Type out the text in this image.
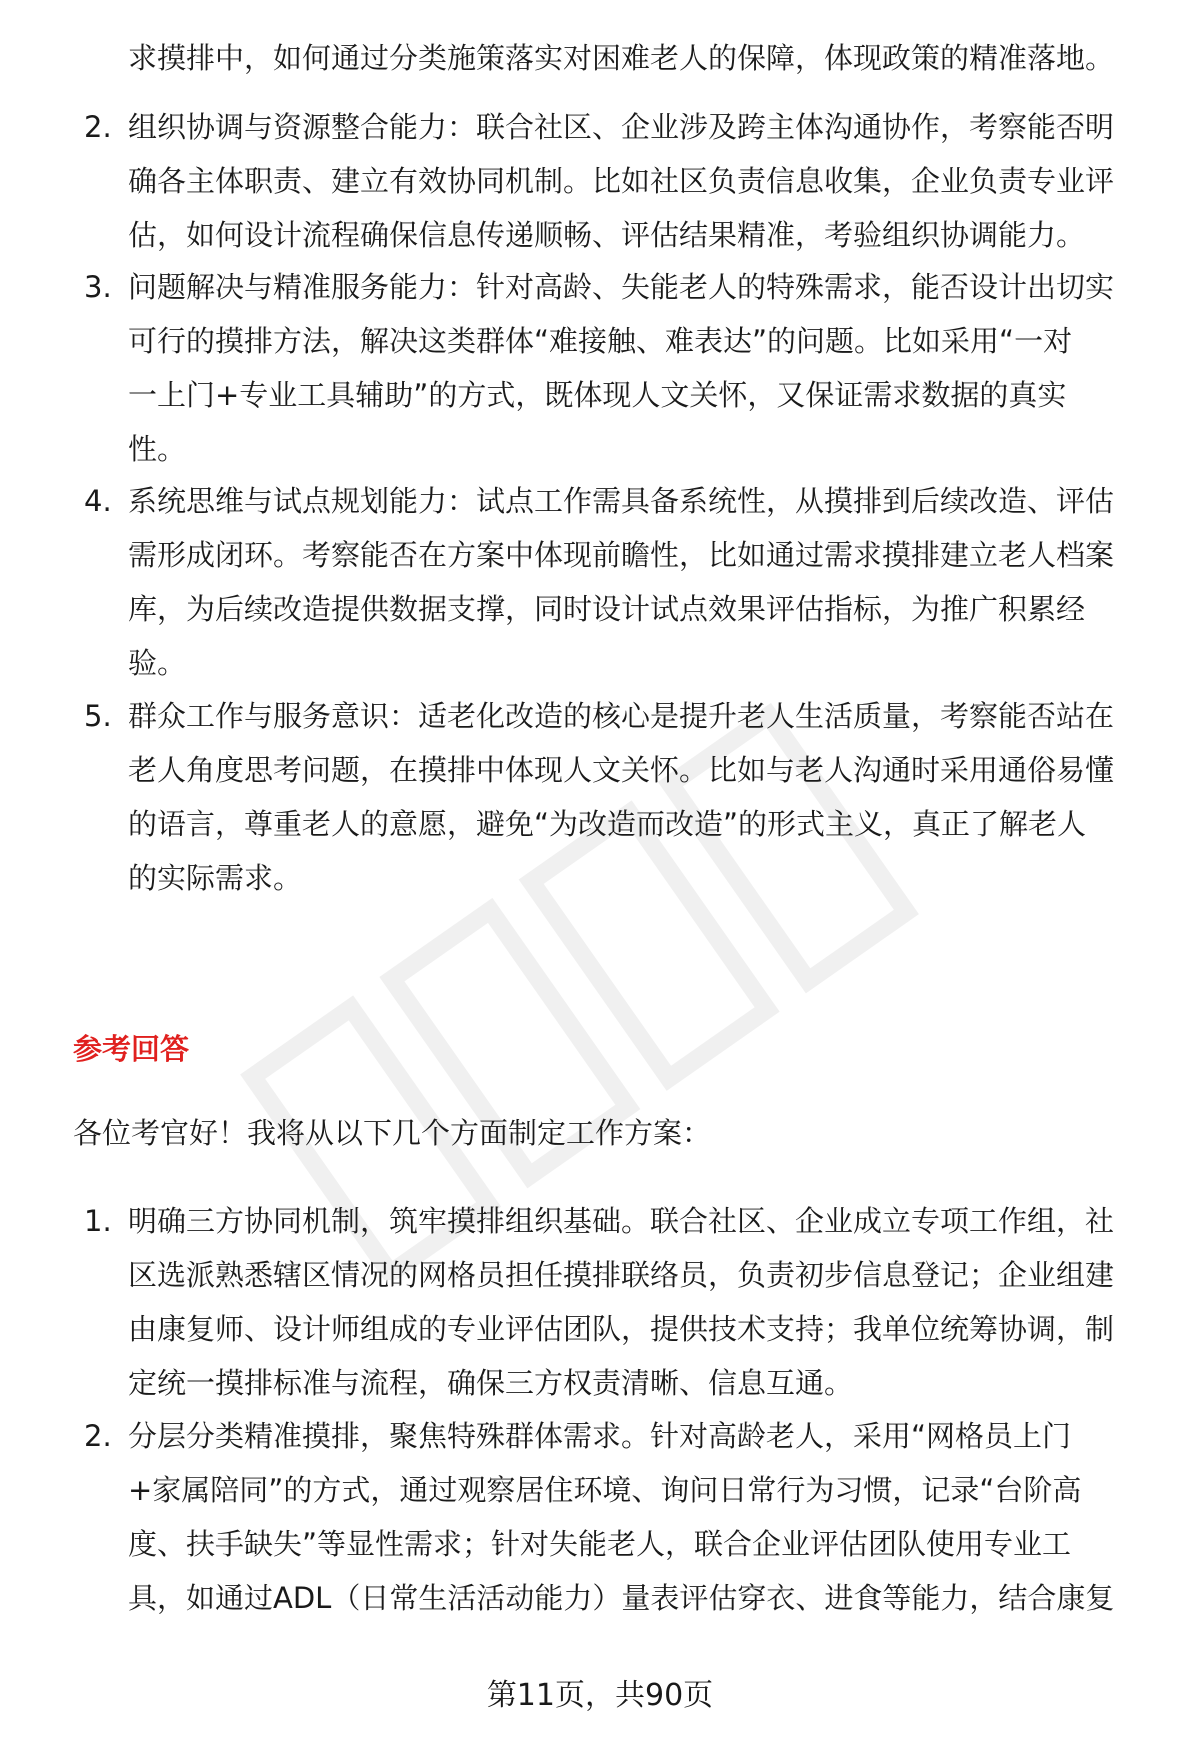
求摸排中，如何通过分类施策落实对困难老人的保障，体现政策的精准落地。
2. 组织协调与资源整合能力：联合社区、企业涉及跨主体沟通协作，考察能否明
确各主体职责、建立有效协同机制。比如社区负责信息收集，企业负责专业评
估，如何设计流程确保信息传递顺畅、评估结果精准，考验组织协调能力。
3. 问题解决与精准服务能力：针对高龄、失能老人的特殊需求，能否设计出切实
可行的摸排方法，解决这类群体“难接触、难表达”的问题。比如采用“一对
一上门+专业工具辅助”的方式，既体现人文关怀，又保证需求数据的真实
性。
4. 系统思维与试点规划能力：试点工作需具备系统性，从摸排到后续改造、评估
需形成闭环。考察能否在方案中体现前瞻性，比如通过需求摸排建立老人档案
库，为后续改造提供数据支撑，同时设计试点效果评估指标，为推广积累经
验。
5. 群众工作与服务意识：适老化改造的核心是提升老人生活质量，考察能否站在
老人角度思考问题，在摸排中体现人文关怀。比如与老人沟通时采用通俗易懂
的语言，尊重老人的意愿，避免“为改造而改造”的形式主义，真正了解老人
的实际需求。
参考回答
各位考官好！我将从以下几个方面制定工作方案：
1. 明确三方协同机制，筑牢摸排组织基础。联合社区、企业成立专项工作组，社
区选派熟悉辖区情况的网格员担任摸排联络员，负责初步信息登记；企业组建
由康复师、设计师组成的专业评估团队，提供技术支持；我单位统筹协调，制
定统一摸排标准与流程，确保三方权责清晰、信息互通。
2. 分层分类精准摸排，聚焦特殊群体需求。针对高龄老人，采用“网格员上门
+家属陪同”的方式，通过观察居住环境、询问日常行为习惯，记录“台阶高
度、扶手缺失”等显性需求；针对失能老人，联合企业评估团队使用专业工
具，如通过ADL（日常生活活动能力）量表评估穿衣、进食等能力，结合康复
第11页，共90页
